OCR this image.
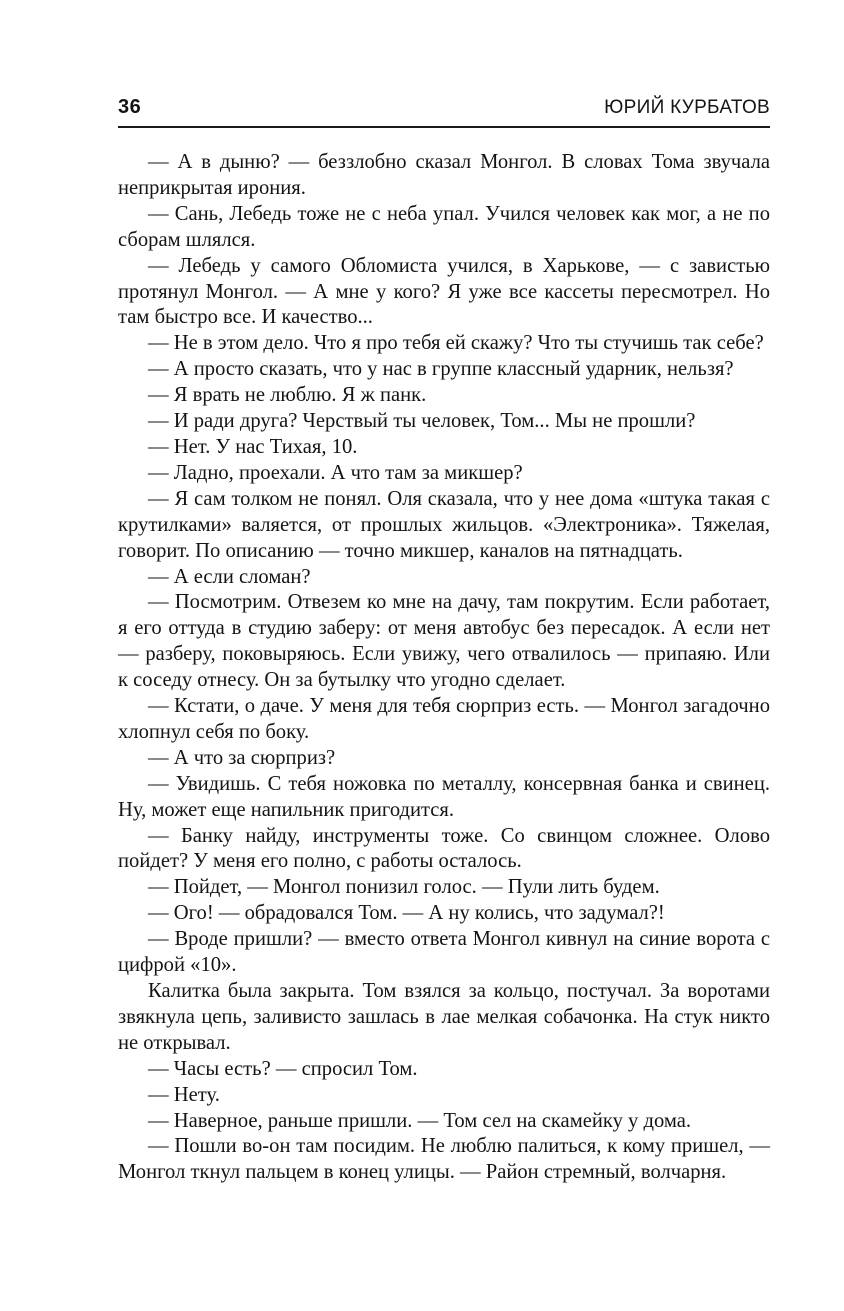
36	ЮРИЙ КУРБАТОВ

— А в дыню? — беззлобно сказал Монгол. В словах Тома звучала неприкрытая ирония.

— Сань, Лебедь тоже не с неба упал. Учился человек как мог, а не по сборам шлялся.

— Лебедь у самого Обломиста учился, в Харькове, — с завистью протянул Монгол. — А мне у кого? Я уже все кассеты пересмотрел. Но там быстро все. И качество...

— Не в этом дело. Что я про тебя ей скажу? Что ты стучишь так себе?

— А просто сказать, что у нас в группе классный ударник, нельзя?

— Я врать не люблю. Я ж панк.

— И ради друга? Черствый ты человек, Том... Мы не прошли?

— Нет. У нас Тихая, 10.

— Ладно, проехали. А что там за микшер?

— Я сам толком не понял. Оля сказала, что у нее дома «штука такая с крутилками» валяется, от прошлых жильцов. «Электроника». Тяжелая, говорит. По описанию — точно микшер, каналов на пятнадцать.

— А если сломан?

— Посмотрим. Отвезем ко мне на дачу, там покрутим. Если работает, я его оттуда в студию заберу: от меня автобус без пересадок. А если нет — разберу, поковыряюсь. Если увижу, чего отвалилось — припаяю. Или к соседу отнесу. Он за бутылку что угодно сделает.

— Кстати, о даче. У меня для тебя сюрприз есть. — Монгол загадочно хлопнул себя по боку.

— А что за сюрприз?

— Увидишь. С тебя ножовка по металлу, консервная банка и свинец. Ну, может еще напильник пригодится.

— Банку найду, инструменты тоже. Со свинцом сложнее. Олово пойдет? У меня его полно, с работы осталось.

— Пойдет, — Монгол понизил голос. — Пули лить будем.

— Ого! — обрадовался Том. — А ну колись, что задумал?!

— Вроде пришли? — вместо ответа Монгол кивнул на синие ворота с цифрой «10».

Калитка была закрыта. Том взялся за кольцо, постучал. За воротами звякнула цепь, заливисто зашлась в лае мелкая собачонка. На стук никто не открывал.

— Часы есть? — спросил Том.

— Нету.

— Наверное, раньше пришли. — Том сел на скамейку у дома.

— Пошли во-он там посидим. Не люблю палиться, к кому пришел, — Монгол ткнул пальцем в конец улицы. — Район стремный, волчарня.
